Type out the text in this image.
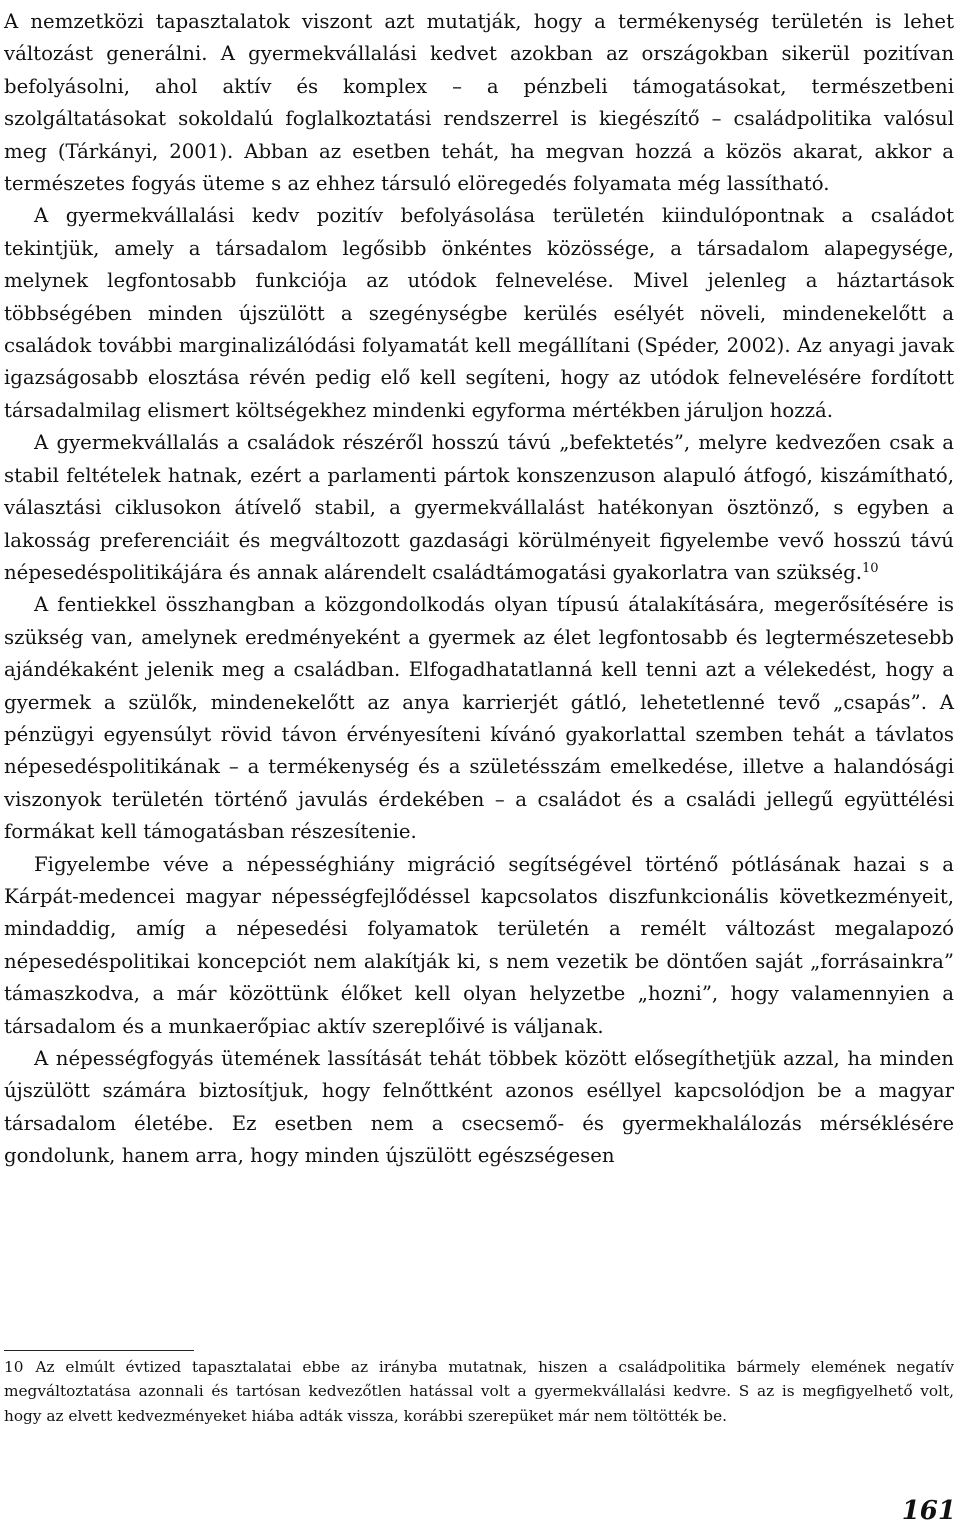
A nemzetközi tapasztalatok viszont azt mutatják, hogy a termékenység területén is lehet változást generálni. A gyermekvállalási kedvet azokban az országokban sikerül pozitívan befolyásolni, ahol aktív és komplex – a pénzbeli támogatásokat, természetbeni szolgáltatásokat sokoldalú foglalkoztatási rendszerrel is kiegészítő – családpolitika valósul meg (Tárkányi, 2001). Abban az esetben tehát, ha megvan hozzá a közös akarat, akkor a természetes fogyás üteme s az ehhez társuló elöregedés folyamata még lassítható.

A gyermekvállalási kedv pozitív befolyásolása területén kiindulópontnak a családot tekintjük, amely a társadalom legősibb önkéntes közössége, a társadalom alapegysége, melynek legfontosabb funkciója az utódok felnevelése. Mivel jelenleg a háztartások többségében minden újszülött a szegénységbe kerülés esélyét növeli, mindenekelőtt a családok további marginalizálódási folyamatát kell megállítani (Spéder, 2002). Az anyagi javak igazságosabb elosztása révén pedig elő kell segíteni, hogy az utódok felnevelésére fordított társadalmilag elismert költségekhez mindenki egyforma mértékben járuljon hozzá.

A gyermekvállalás a családok részéről hosszú távú „befektetés”, melyre kedvezően csak a stabil feltételek hatnak, ezért a parlamenti pártok konszenzuson alapuló átfogó, kiszámítható, választási ciklusokon átívelő stabil, a gyermekvállalást hatékonyan ösztönző, s egyben a lakosság preferenciáit és megváltozott gazdasági körülményeit figyelembe vevő hosszú távú népesedéspolitikájára és annak alárendelt családtámogatási gyakorlatra van szükség.$^{10}$

A fentiekkel összhangban a közgondolkodás olyan típusú átalakítására, megerősítésére is szükség van, amelynek eredményeként a gyermek az élet legfontosabb és legtermészetesebb ajándékaként jelenik meg a családban. Elfogadhatatlanná kell tenni azt a vélekedést, hogy a gyermek a szülők, mindenekelőtt az anya karrierjét gátló, lehetetlenné tevő „csapás”. A pénzügyi egyensúlyt rövid távon érvényesíteni kívánó gyakorlattal szemben tehát a távlatos népesedéspolitikának – a termékenység és a születésszám emelkedése, illetve a halandósági viszonyok területén történő javulás érdekében – a családot és a családi jellegű együttélési formákat kell támogatásban részesítenie.

Figyelembe véve a népességhiány migráció segítségével történő pótlásának hazai s a Kárpát-medencei magyar népességfejlődéssel kapcsolatos diszfunkcionális következményeit, mindaddig, amíg a népesedési folyamatok területén a remélt változást megalapozó népesedéspolitikai koncepciót nem alakítják ki, s nem vezetik be döntően saját „forrásainkra” támaszkodva, a már közöttünk élőket kell olyan helyzetbe „hozni”, hogy valamennyien a társadalom és a munkaerőpiac aktív szereplőivé is váljanak.

A népességfogyás ütemének lassítását tehát többek között elősegíthetjük azzal, ha minden újszülött számára biztosítjuk, hogy felnőttként azonos eséllyel kapcsolódjon be a magyar társadalom életébe. Ez esetben nem a csecsemő- és gyermekhalálozás mérséklésére gondolunk, hanem arra, hogy minden újszülött egészségesen

10 Az elmúlt évtized tapasztalatai ebbe az irányba mutatnak, hiszen a családpolitika bármely elemének negatív megváltoztatása azonnali és tartósan kedvezőtlen hatással volt a gyermekvállalási kedvre. S az is megfigyelhető volt, hogy az elvett kedvezményeket hiába adták vissza, korábbi szerepüket már nem töltötték be.

161
